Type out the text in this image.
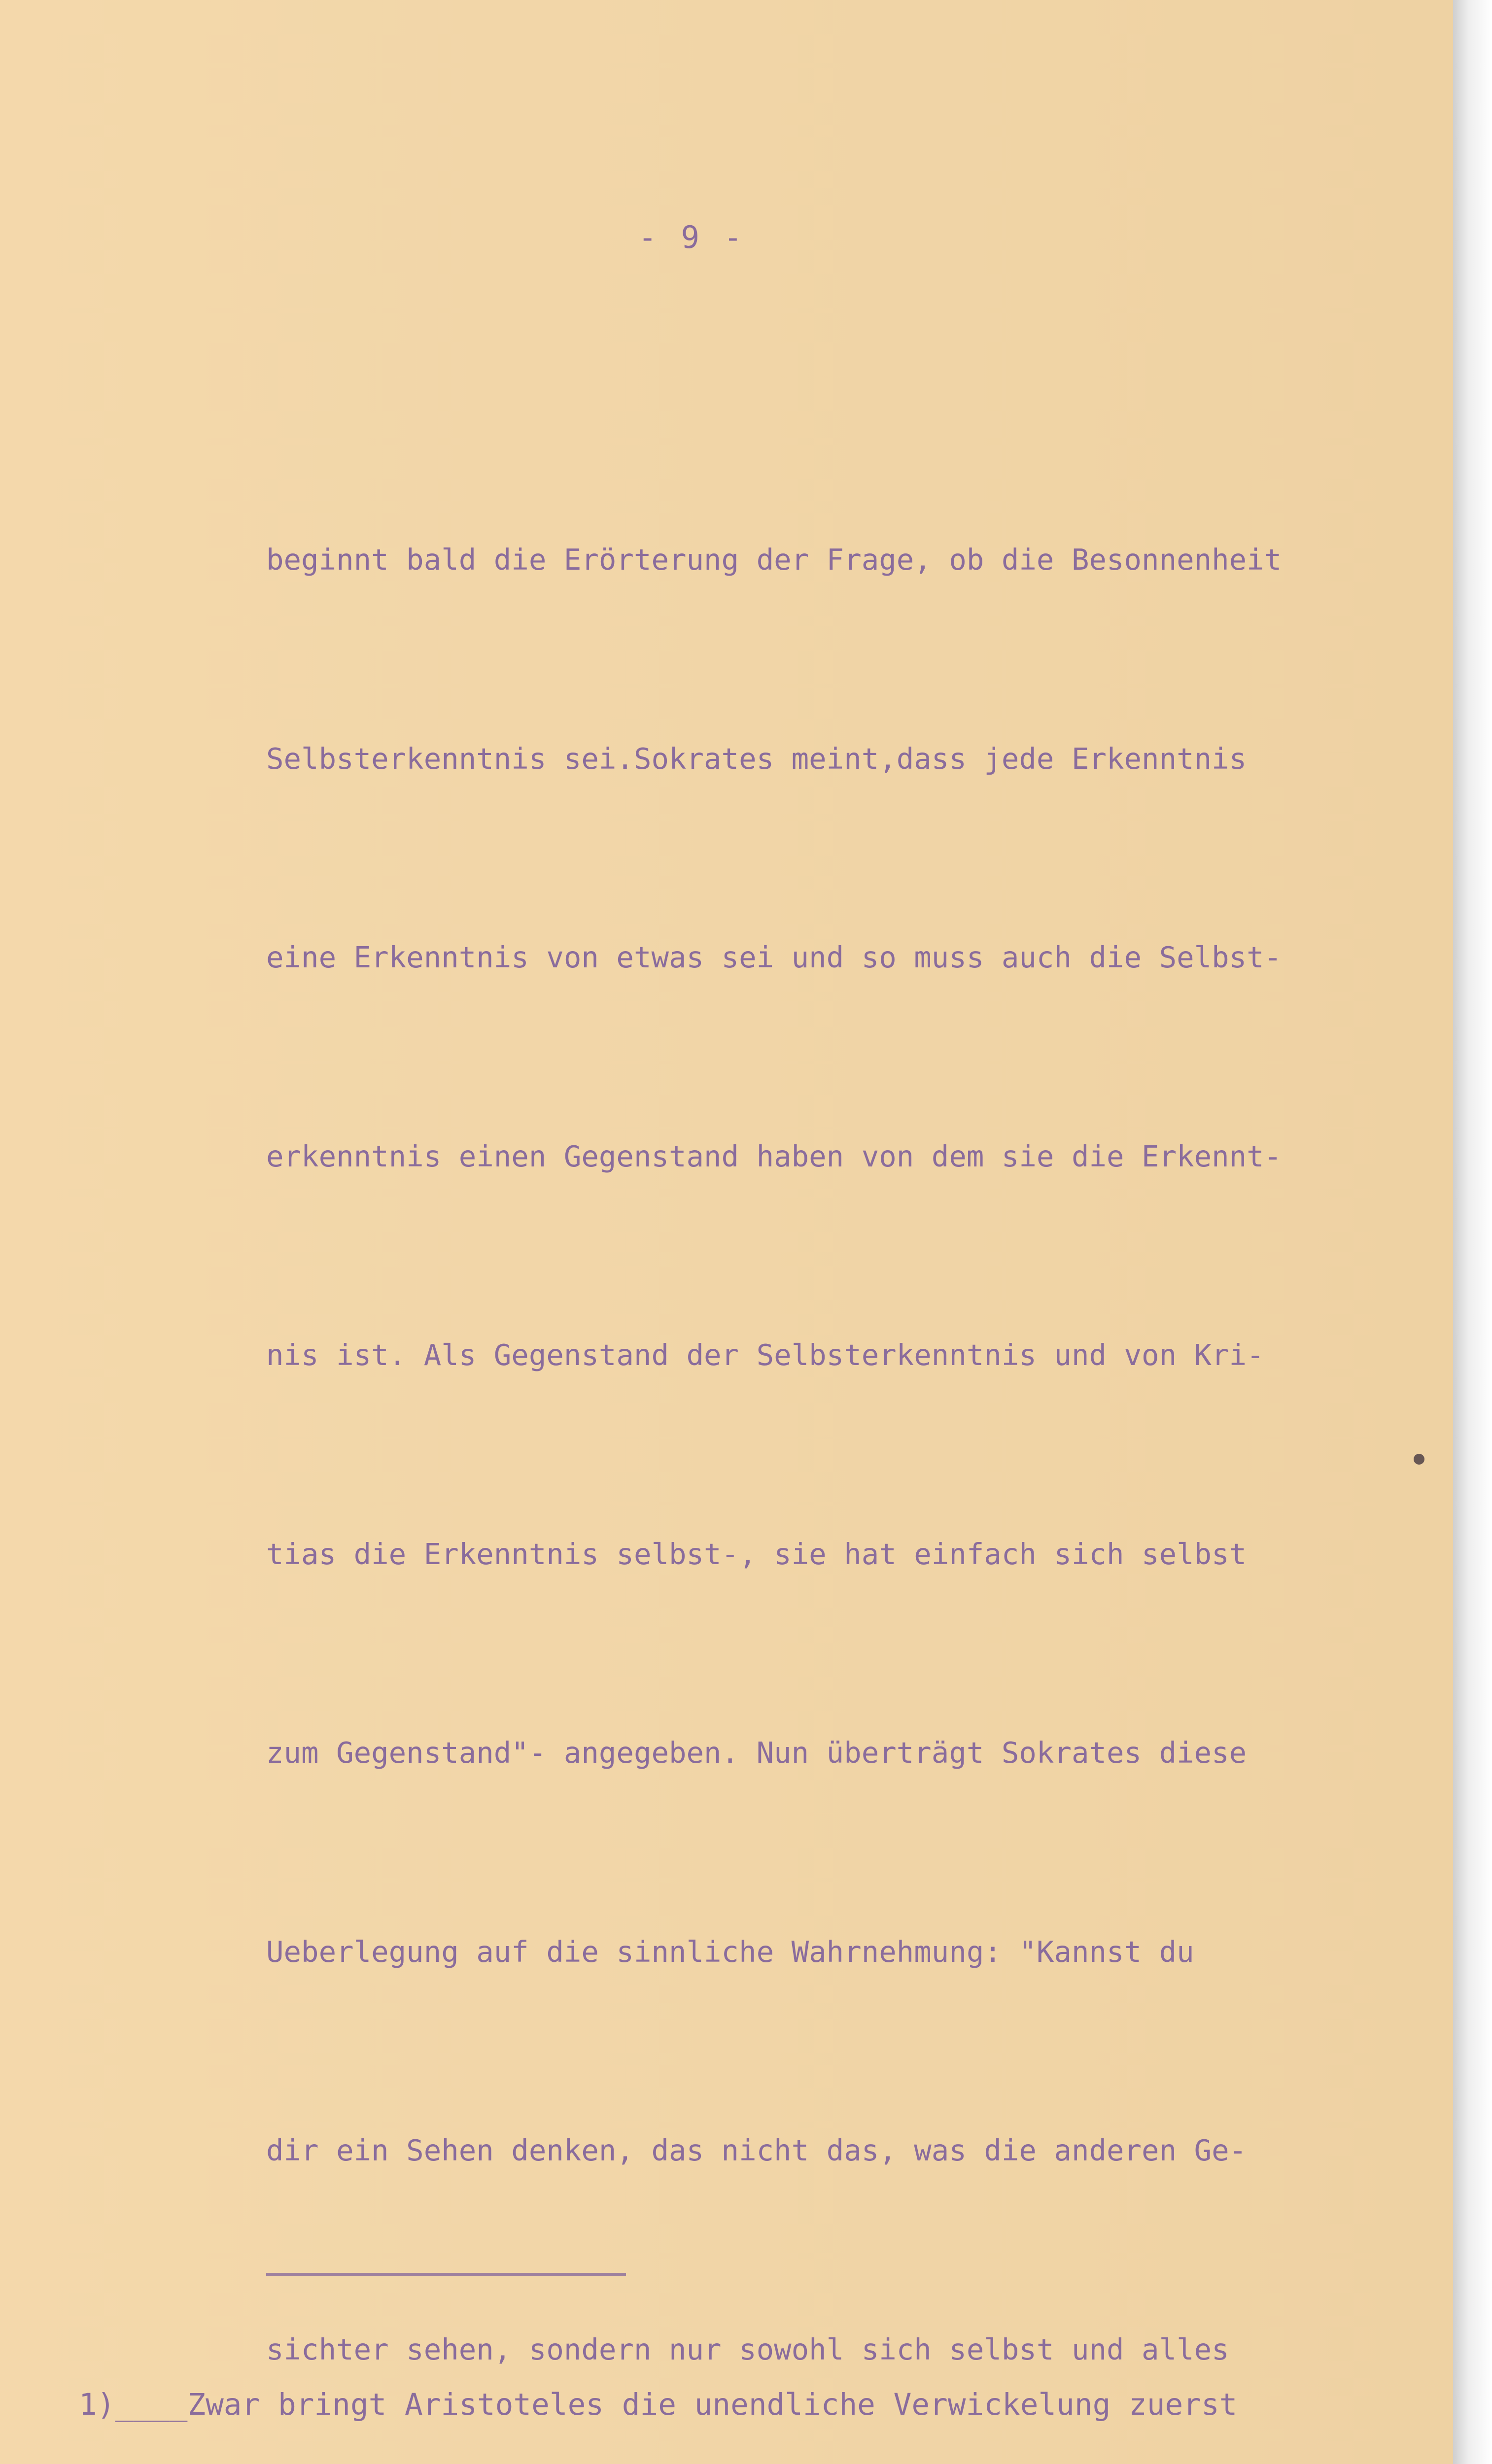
- 9 -

beginnt bald die Erörterung der Frage, ob die Besonnenheit

Selbsterkenntnis sei.Sokrates meint,dass jede Erkenntnis

eine Erkenntnis von etwas sei und so muss auch die Selbst-

erkenntnis einen Gegenstand haben von dem sie die Erkennt-

nis ist. Als Gegenstand der Selbsterkenntnis und von Kri-

tias die Erkenntnis selbst-, sie hat einfach sich selbst

zum Gegenstand"- angegeben. Nun überträgt Sokrates diese

Ueberlegung auf die sinnliche Wahrnehmung: "Kannst du

dir ein Sehen denken, das nicht das, was die anderen Ge-

sichter sehen, sondern nur sowohl sich selbst und alles

1)____Zwar bringt Aristoteles die unendliche Verwickelung zuerst
